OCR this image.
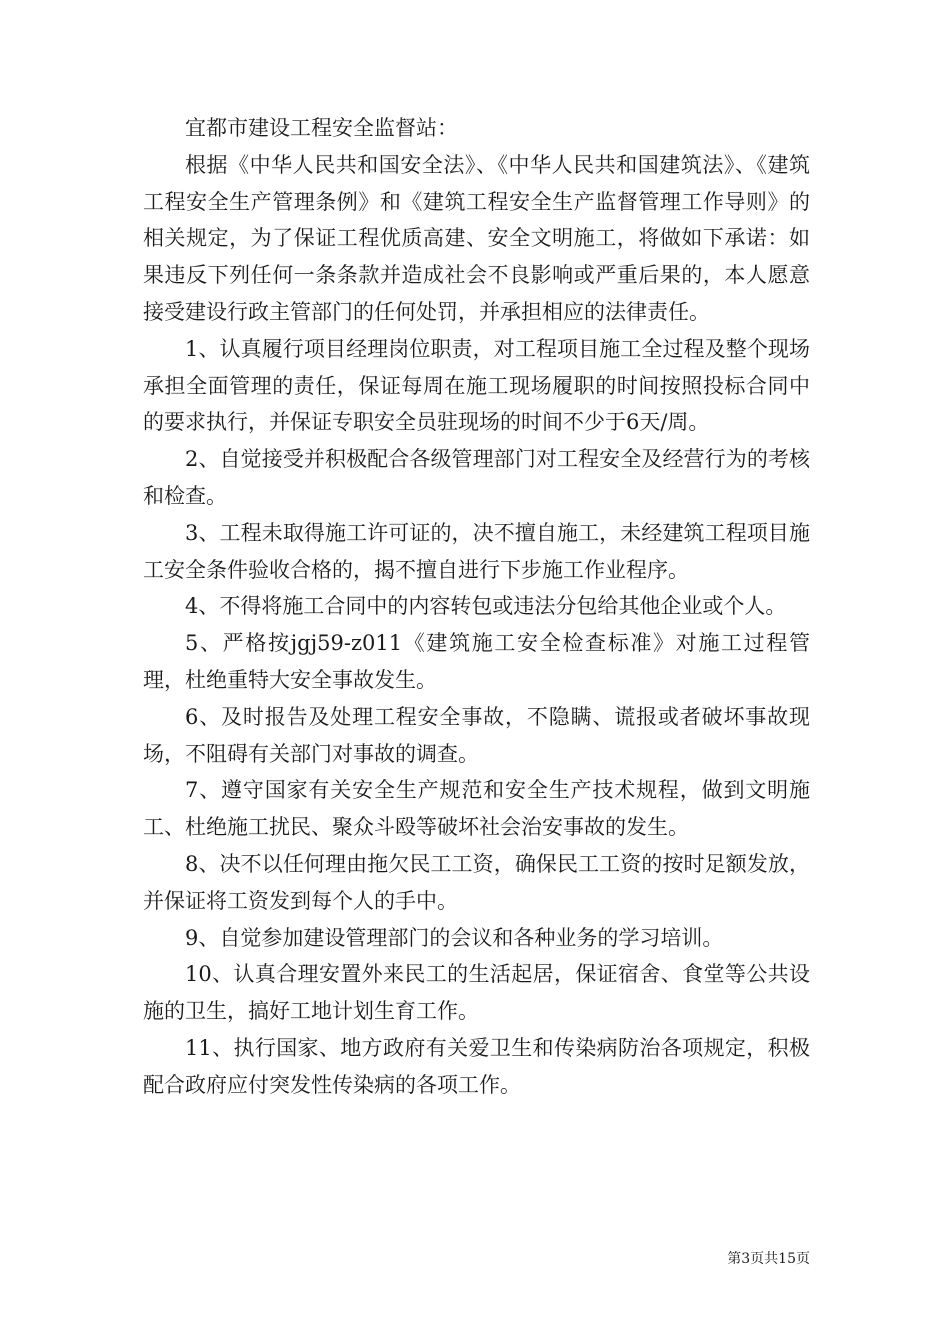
宜都市建设工程安全监督站：

根据《中华人民共和国安全法》、《中华人民共和国建筑法》、《建筑工程安全生产管理条例》和《建筑工程安全生产监督管理工作导则》的相关规定，为了保证工程优质高建、安全文明施工，将做如下承诺：如果违反下列任何一条条款并造成社会不良影响或严重后果的，本人愿意接受建设行政主管部门的任何处罚，并承担相应的法律责任。

1、认真履行项目经理岗位职责，对工程项目施工全过程及整个现场承担全面管理的责任，保证每周在施工现场履职的时间按照投标合同中的要求执行，并保证专职安全员驻现场的时间不少于6天/周。

2、自觉接受并积极配合各级管理部门对工程安全及经营行为的考核和检查。

3、工程未取得施工许可证的，决不擅自施工，未经建筑工程项目施工安全条件验收合格的，揭不擅自进行下步施工作业程序。

4、不得将施工合同中的内容转包或违法分包给其他企业或个人。

5、严格按jgj59-z011《建筑施工安全检查标准》对施工过程管理，杜绝重特大安全事故发生。

6、及时报告及处理工程安全事故，不隐瞒、谎报或者破坏事故现场，不阻碍有关部门对事故的调查。

7、遵守国家有关安全生产规范和安全生产技术规程，做到文明施工、杜绝施工扰民、聚众斗殴等破坏社会治安事故的发生。

8、决不以任何理由拖欠民工工资，确保民工工资的按时足额发放，并保证将工资发到每个人的手中。

9、自觉参加建设管理部门的会议和各种业务的学习培训。

10、认真合理安置外来民工的生活起居，保证宿舍、食堂等公共设施的卫生，搞好工地计划生育工作。

11、执行国家、地方政府有关爱卫生和传染病防治各项规定，积极配合政府应付突发性传染病的各项工作。

第3页共15页
